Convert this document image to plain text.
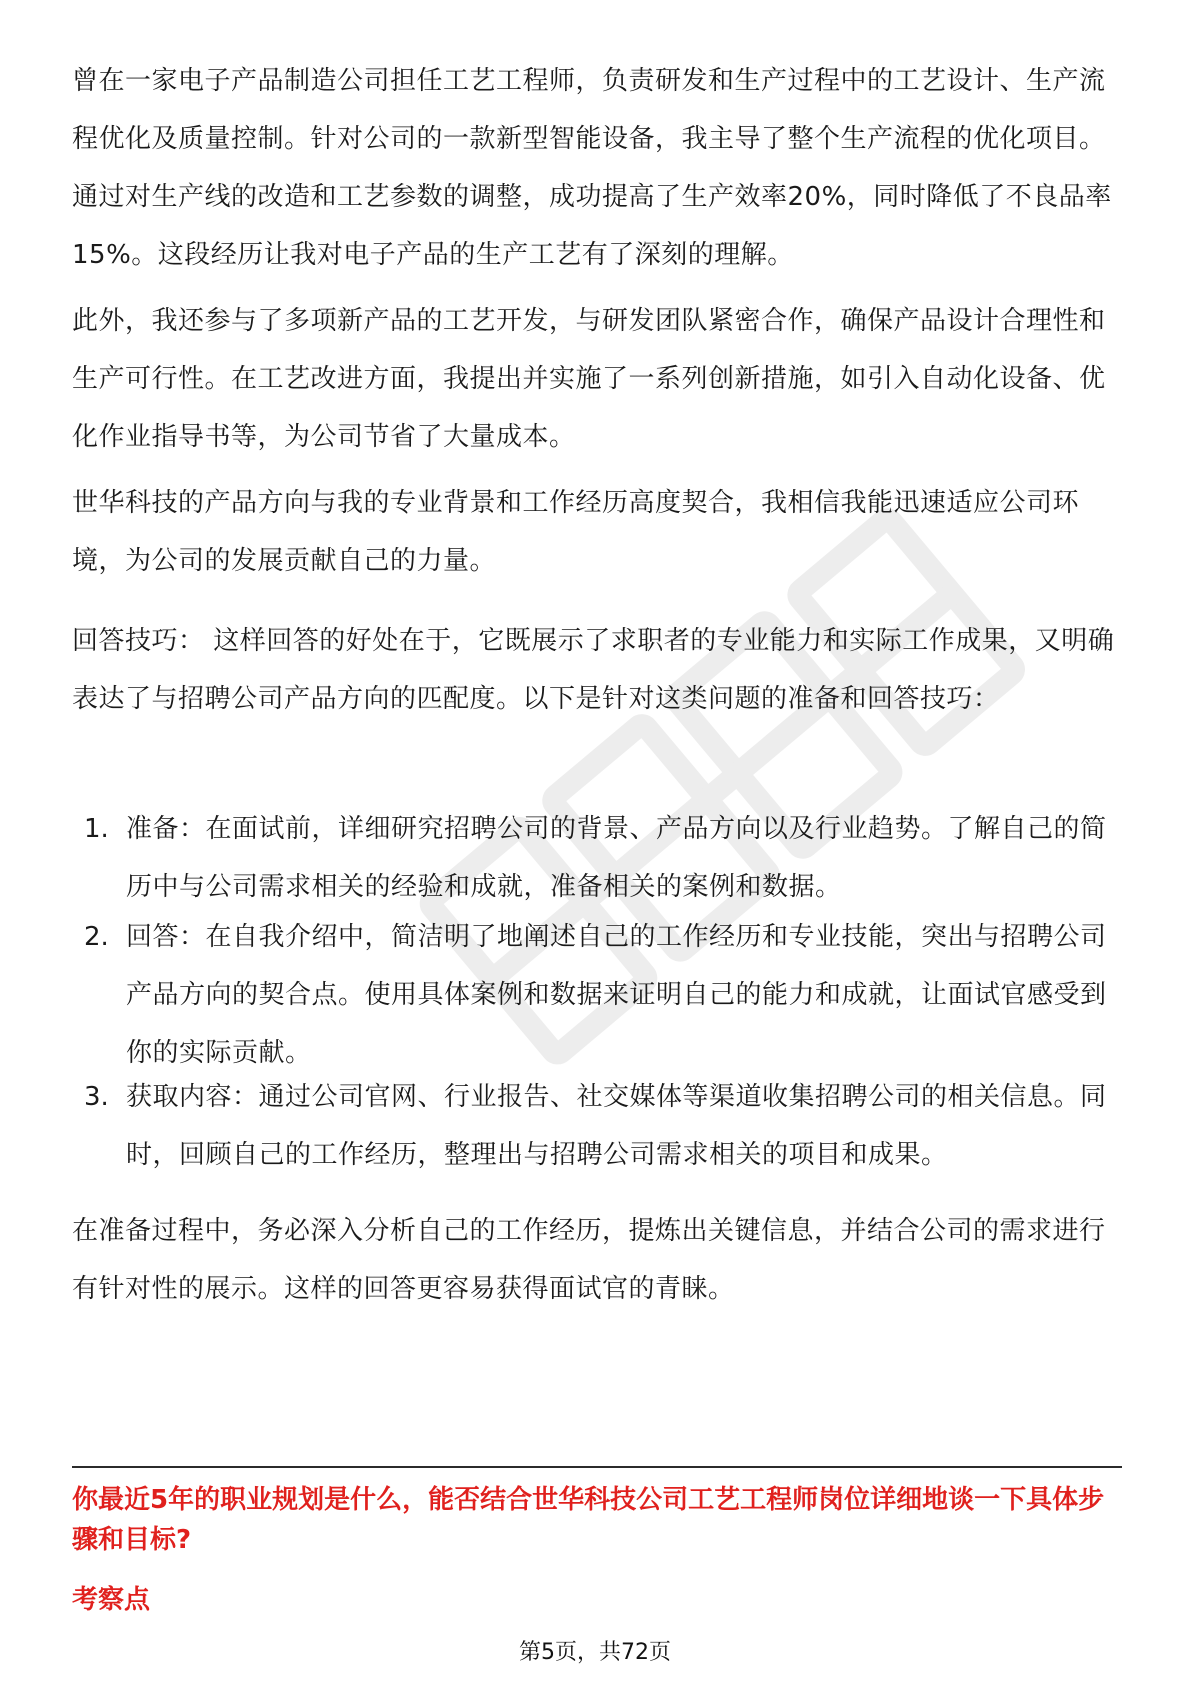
曾在一家电子产品制造公司担任工艺工程师，负责研发和生产过程中的工艺设计、生产流程优化及质量控制。针对公司的一款新型智能设备，我主导了整个生产流程的优化项目。通过对生产线的改造和工艺参数的调整，成功提高了生产效率20%，同时降低了不良品率15%。这段经历让我对电子产品的生产工艺有了深刻的理解。

此外，我还参与了多项新产品的工艺开发，与研发团队紧密合作，确保产品设计合理性和生产可行性。在工艺改进方面，我提出并实施了一系列创新措施，如引入自动化设备、优化作业指导书等，为公司节省了大量成本。

世华科技的产品方向与我的专业背景和工作经历高度契合，我相信我能迅速适应公司环境，为公司的发展贡献自己的力量。

回答技巧： 这样回答的好处在于，它既展示了求职者的专业能力和实际工作成果，又明确表达了与招聘公司产品方向的匹配度。以下是针对这类问题的准备和回答技巧：

1. 准备：在面试前，详细研究招聘公司的背景、产品方向以及行业趋势。了解自己的简历中与公司需求相关的经验和成就，准备相关的案例和数据。

2. 回答：在自我介绍中，简洁明了地阐述自己的工作经历和专业技能，突出与招聘公司产品方向的契合点。使用具体案例和数据来证明自己的能力和成就，让面试官感受到你的实际贡献。

3. 获取内容：通过公司官网、行业报告、社交媒体等渠道收集招聘公司的相关信息。同时，回顾自己的工作经历，整理出与招聘公司需求相关的项目和成果。

在准备过程中，务必深入分析自己的工作经历，提炼出关键信息，并结合公司的需求进行有针对性的展示。这样的回答更容易获得面试官的青睐。

你最近5年的职业规划是什么，能否结合世华科技公司工艺工程师岗位详细地谈一下具体步骤和目标?

考察点

第5页，共72页
